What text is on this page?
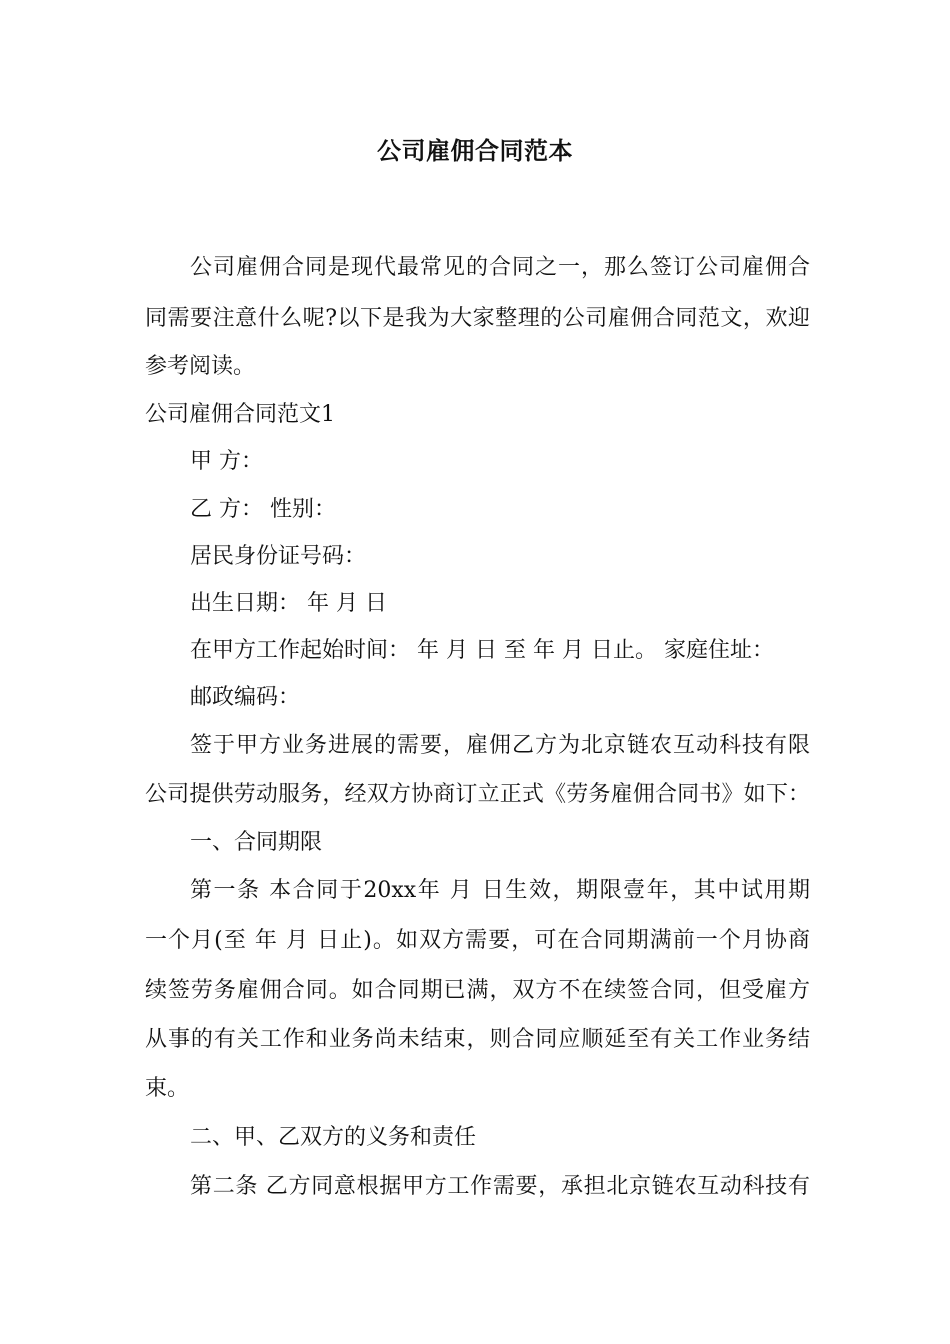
公司雇佣合同范本
公司雇佣合同是现代最常见的合同之一，那么签订公司雇佣合
同需要注意什么呢?以下是我为大家整理的公司雇佣合同范文，欢迎
参考阅读。
公司雇佣合同范文1
甲 方：
乙 方： 性别：
居民身份证号码：
出生日期： 年 月 日
在甲方工作起始时间： 年 月 日 至 年 月 日止。 家庭住址：
邮政编码：
签于甲方业务进展的需要，雇佣乙方为北京链农互动科技有限
公司提供劳动服务，经双方协商订立正式《劳务雇佣合同书》如下：
一、合同期限
第一条 本合同于20xx年 月 日生效，期限壹年，其中试用期
一个月(至 年 月 日止)。如双方需要，可在合同期满前一个月协商
续签劳务雇佣合同。如合同期已满，双方不在续签合同，但受雇方
从事的有关工作和业务尚未结束，则合同应顺延至有关工作业务结
束。
二、甲、乙双方的义务和责任
第二条 乙方同意根据甲方工作需要，承担北京链农互动科技有
